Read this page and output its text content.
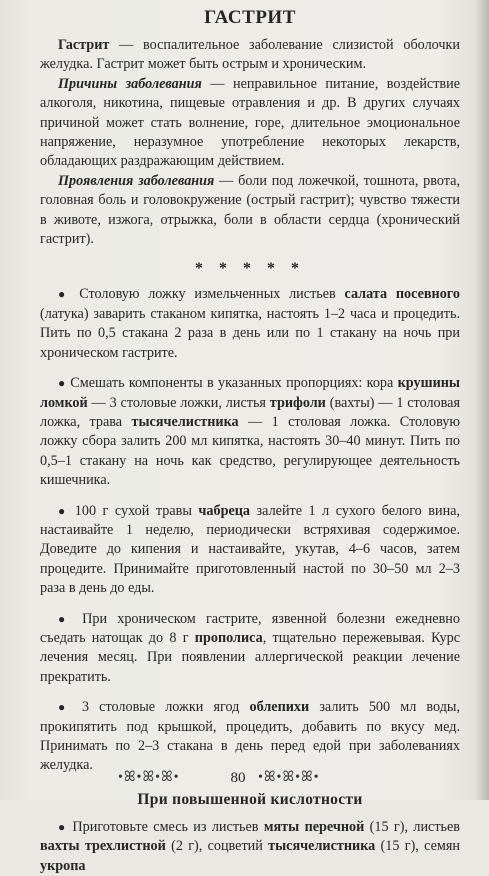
ГАСТРИТ

Гастрит — воспалительное заболевание слизистой оболочки желудка. Гастрит может быть острым и хроническим.

Причины заболевания — неправильное питание, воздействие алкоголя, никотина, пищевые отравления и др. В других случаях причиной может стать волнение, горе, длительное эмоциональное напряжение, неразумное употребление некоторых лекарств, обладающих раздражающим действием.

Проявления заболевания — боли под ложечкой, тошнота, рвота, головная боль и головокружение (острый гастрит); чувство тяжести в животе, изжога, отрыжка, боли в области сердца (хронический гастрит).

* * * * *

● Столовую ложку измельченных листьев салата посевного (латука) заварить стаканом кипятка, настоять 1–2 часа и процедить. Пить по 0,5 стакана 2 раза в день или по 1 стакану на ночь при хроническом гастрите.

● Смешать компоненты в указанных пропорциях: кора крушины ломкой — 3 столовые ложки, листья трифоли (вахты) — 1 столовая ложка, трава тысячелистника — 1 столовая ложка. Столовую ложку сбора залить 200 мл кипятка, настоять 30–40 минут. Пить по 0,5–1 стакану на ночь как средство, регулирующее деятельность кишечника.

● 100 г сухой травы чабреца залейте 1 л сухого белого вина, настаивайте 1 неделю, периодически встряхивая содержимое. Доведите до кипения и настаивайте, укутав, 4–6 часов, затем процедите. Принимайте приготовленный настой по 30–50 мл 2–3 раза в день до еды.

● При хроническом гастрите, язвенной болезни ежедневно съедать натощак до 8 г прополиса, тщательно пережевывая. Курс лечения месяц. При появлении аллергической реакции лечение прекратить.

● 3 столовые ложки ягод облепихи залить 500 мл воды, прокипятить под крышкой, процедить, добавить по вкусу мед. Принимать по 2–3 стакана в день перед едой при заболеваниях желудка.

При повышенной кислотности

● Приготовьте смесь из листьев мяты перечной (15 г), листьев вахты трехлистной (2 г), соцветий тысячелистника (15 г), семян укропа

•ꕤ•ꕤ•ꕤ•	80 •ꕤ•ꕤ•ꕤ•
